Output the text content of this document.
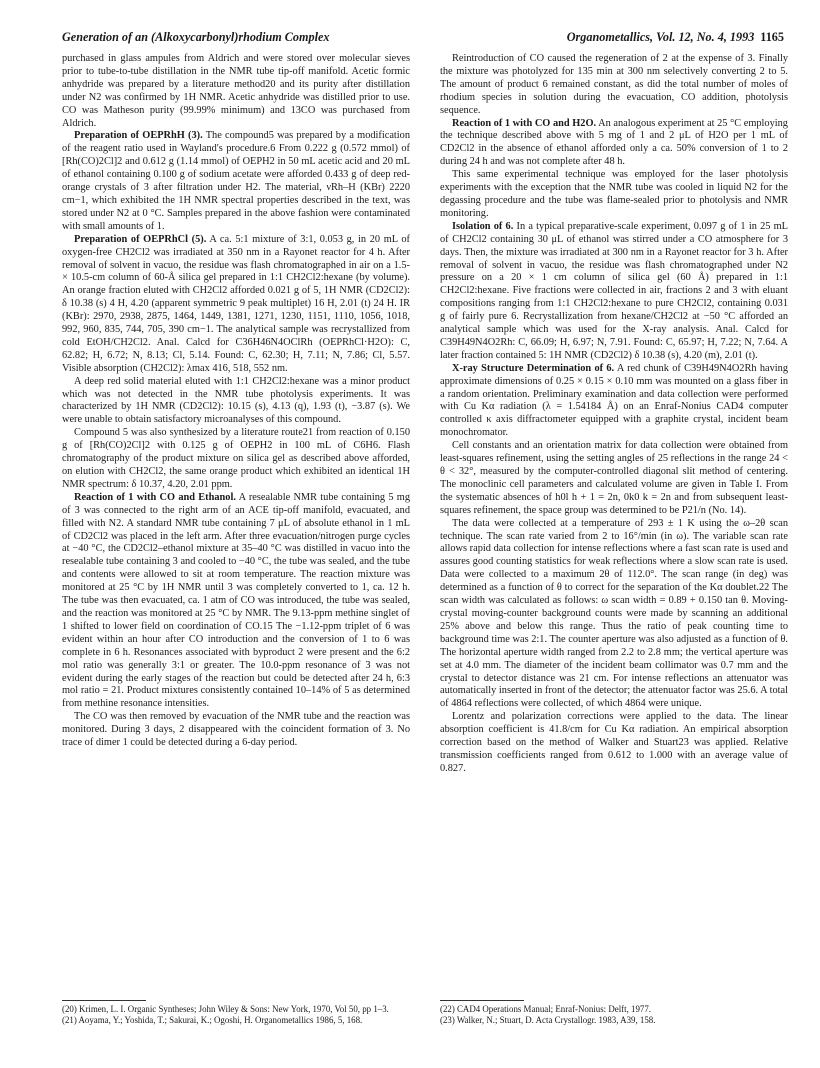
Generation of an (Alkoxycarbonyl)rhodium Complex	Organometallics, Vol. 12, No. 4, 1993 1165

purchased in glass ampules from Aldrich and were stored over molecular sieves prior to tube-to-tube distillation in the NMR tube tip-off manifold. Acetic formic anhydride was prepared by a literature method20 and its purity after distillation under N2 was confirmed by 1H NMR. Acetic anhydride was distilled prior to use. CO was Matheson purity (99.99% minimum) and 13CO was purchased from Aldrich.

Preparation of OEPRhH (3). The compound5 was prepared by a modification of the reagent ratio used in Wayland's procedure.6 From 0.222 g (0.572 mmol) of [Rh(CO)2Cl]2 and 0.612 g (1.14 mmol) of OEPH2 in 50 mL acetic acid and 20 mL of ethanol containing 0.100 g of sodium acetate were afforded 0.433 g of deep red-orange crystals of 3 after filtration under H2. The material, νRh–H (KBr) 2220 cm−1, which exhibited the 1H NMR spectral properties described in the text, was stored under N2 at 0 °C. Samples prepared in the above fashion were contaminated with small amounts of 1.

Preparation of OEPRhCl (5). A ca. 5:1 mixture of 3:1, 0.053 g, in 20 mL of oxygen-free CH2Cl2 was irradiated at 350 nm in a Rayonet reactor for 4 h. After removal of solvent in vacuo, the residue was flash chromatographed in air on a 1.5- × 10.5-cm column of 60-Å silica gel prepared in 1:1 CH2Cl2:hexane (by volume). An orange fraction eluted with CH2Cl2 afforded 0.021 g of 5, 1H NMR (CD2Cl2): δ 10.38 (s) 4 H, 4.20 (apparent symmetric 9 peak multiplet) 16 H, 2.01 (t) 24 H. IR (KBr): 2970, 2938, 2875, 1464, 1449, 1381, 1271, 1230, 1151, 1110, 1056, 1018, 992, 960, 835, 744, 705, 390 cm−1. The analytical sample was recrystallized from cold EtOH/CH2Cl2. Anal. Calcd for C36H46N4OClRh (OEPRhCl·H2O): C, 62.82; H, 6.72; N, 8.13; Cl, 5.14. Found: C, 62.30; H, 7.11; N, 7.86; Cl, 5.57. Visible absorption (CH2Cl2): λmax 416, 518, 552 nm.

A deep red solid material eluted with 1:1 CH2Cl2:hexane was a minor product which was not detected in the NMR tube photolysis experiments. It was characterized by 1H NMR (CD2Cl2): 10.15 (s), 4.13 (q), 1.93 (t), −3.87 (s). We were unable to obtain satisfactory microanalyses of this compound.

Compound 5 was also synthesized by a literature route21 from reaction of 0.150 g of [Rh(CO)2Cl]2 with 0.125 g of OEPH2 in 100 mL of C6H6. Flash chromatography of the product mixture on silica gel as described above afforded, on elution with CH2Cl2, the same orange product which exhibited an identical 1H NMR spectrum: δ 10.37, 4.20, 2.01 ppm.

Reaction of 1 with CO and Ethanol. A resealable NMR tube containing 5 mg of 3 was connected to the right arm of an ACE tip-off manifold, evacuated, and filled with N2. A standard NMR tube containing 7 μL of absolute ethanol in 1 mL of CD2Cl2 was placed in the left arm. After three evacuation/nitrogen purge cycles at −40 °C, the CD2Cl2–ethanol mixture at 35–40 °C was distilled in vacuo into the resealable tube containing 3 and cooled to −40 °C, the tube was sealed, and the tube and contents were allowed to sit at room temperature. The reaction mixture was monitored at 25 °C by 1H NMR until 3 was completely converted to 1, ca. 12 h. The tube was then evacuated, ca. 1 atm of CO was introduced, the tube was sealed, and the reaction was monitored at 25 °C by NMR. The 9.13-ppm methine singlet of 1 shifted to lower field on coordination of CO.15 The −1.12-ppm triplet of 6 was evident within an hour after CO introduction and the conversion of 1 to 6 was complete in 6 h. Resonances associated with byproduct 2 were present and the 6:2 mol ratio was generally 3:1 or greater. The 10.0-ppm resonance of 3 was not evident during the early stages of the reaction but could be detected after 24 h, 6:3 mol ratio = 21. Product mixtures consistently contained 10–14% of 5 as determined from methine resonance intensities.

The CO was then removed by evacuation of the NMR tube and the reaction was monitored. During 3 days, 2 disappeared with the coincident formation of 3. No trace of dimer 1 could be detected during a 6-day period.

Reintroduction of CO caused the regeneration of 2 at the expense of 3. Finally the mixture was photolyzed for 135 min at 300 nm selectively converting 2 to 5. The amount of product 6 remained constant, as did the total number of moles of rhodium species in solution during the evacuation, CO addition, photolysis sequence.

Reaction of 1 with CO and H2O. An analogous experiment at 25 °C employing the technique described above with 5 mg of 1 and 2 μL of H2O per 1 mL of CD2Cl2 in the absence of ethanol afforded only a ca. 50% conversion of 1 to 2 during 24 h and was not complete after 48 h.

This same experimental technique was employed for the laser photolysis experiments with the exception that the NMR tube was cooled in liquid N2 for the degassing procedure and the tube was flame-sealed prior to photolysis and NMR monitoring.

Isolation of 6. In a typical preparative-scale experiment, 0.097 g of 1 in 25 mL of CH2Cl2 containing 30 μL of ethanol was stirred under a CO atmosphere for 3 days. Then, the mixture was irradiated at 300 nm in a Rayonet reactor for 3 h. After removal of solvent in vacuo, the residue was flash chromatographed under N2 pressure on a 20 × 1 cm column of silica gel (60 Å) prepared in 1:1 CH2Cl2:hexane. Five fractions were collected in air, fractions 2 and 3 with eluant compositions ranging from 1:1 CH2Cl2:hexane to pure CH2Cl2, containing 0.031 g of fairly pure 6. Recrystallization from hexane/CH2Cl2 at −50 °C afforded an analytical sample which was used for the X-ray analysis. Anal. Calcd for C39H49N4O2Rh: C, 66.09; H, 6.97; N, 7.91. Found: C, 65.97; H, 7.22; N, 7.64. A later fraction contained 5: 1H NMR (CD2Cl2) δ 10.38 (s), 4.20 (m), 2.01 (t).

X-ray Structure Determination of 6. A red chunk of C39H49N4O2Rh having approximate dimensions of 0.25 × 0.15 × 0.10 mm was mounted on a glass fiber in a random orientation. Preliminary examination and data collection were performed with Cu Kα radiation (λ = 1.54184 Å) on an Enraf-Nonius CAD4 computer controlled κ axis diffractometer equipped with a graphite crystal, incident beam monochromator.

Cell constants and an orientation matrix for data collection were obtained from least-squares refinement, using the setting angles of 25 reflections in the range 24 < θ < 32°, measured by the computer-controlled diagonal slit method of centering. The monoclinic cell parameters and calculated volume are given in Table I. From the systematic absences of h0l h + 1 = 2n, 0k0 k = 2n and from subsequent least-squares refinement, the space group was determined to be P21/n (No. 14).

The data were collected at a temperature of 293 ± 1 K using the ω–2θ scan technique. The scan rate varied from 2 to 16°/min (in ω). The variable scan rate allows rapid data collection for intense reflections where a fast scan rate is used and assures good counting statistics for weak reflections where a slow scan rate is used. Data were collected to a maximum 2θ of 112.0°. The scan range (in deg) was determined as a function of θ to correct for the separation of the Kα doublet.22 The scan width was calculated as follows: ω scan width = 0.89 + 0.150 tan θ. Moving-crystal moving-counter background counts were made by scanning an additional 25% above and below this range. Thus the ratio of peak counting time to background time was 2:1. The counter aperture was also adjusted as a function of θ. The horizontal aperture width ranged from 2.2 to 2.8 mm; the vertical aperture was set at 4.0 mm. The diameter of the incident beam collimator was 0.7 mm and the crystal to detector distance was 21 cm. For intense reflections an attenuator was automatically inserted in front of the detector; the attenuator factor was 25.6. A total of 4864 reflections were collected, of which 4864 were unique.

Lorentz and polarization corrections were applied to the data. The linear absorption coefficient is 41.8/cm for Cu Kα radiation. An empirical absorption correction based on the method of Walker and Stuart23 was applied. Relative transmission coefficients ranged from 0.612 to 1.000 with an average value of 0.827.

(20) Krimen, L. I. Organic Syntheses; John Wiley & Sons: New York, 1970, Vol 50, pp 1–3.

(21) Aoyama, Y.; Yoshida, T.; Sakurai, K.; Ogoshi, H. Organometallics 1986, 5, 168.

(22) CAD4 Operations Manual; Enraf-Nonius: Delft, 1977.

(23) Walker, N.; Stuart, D. Acta Crystallogr. 1983, A39, 158.
